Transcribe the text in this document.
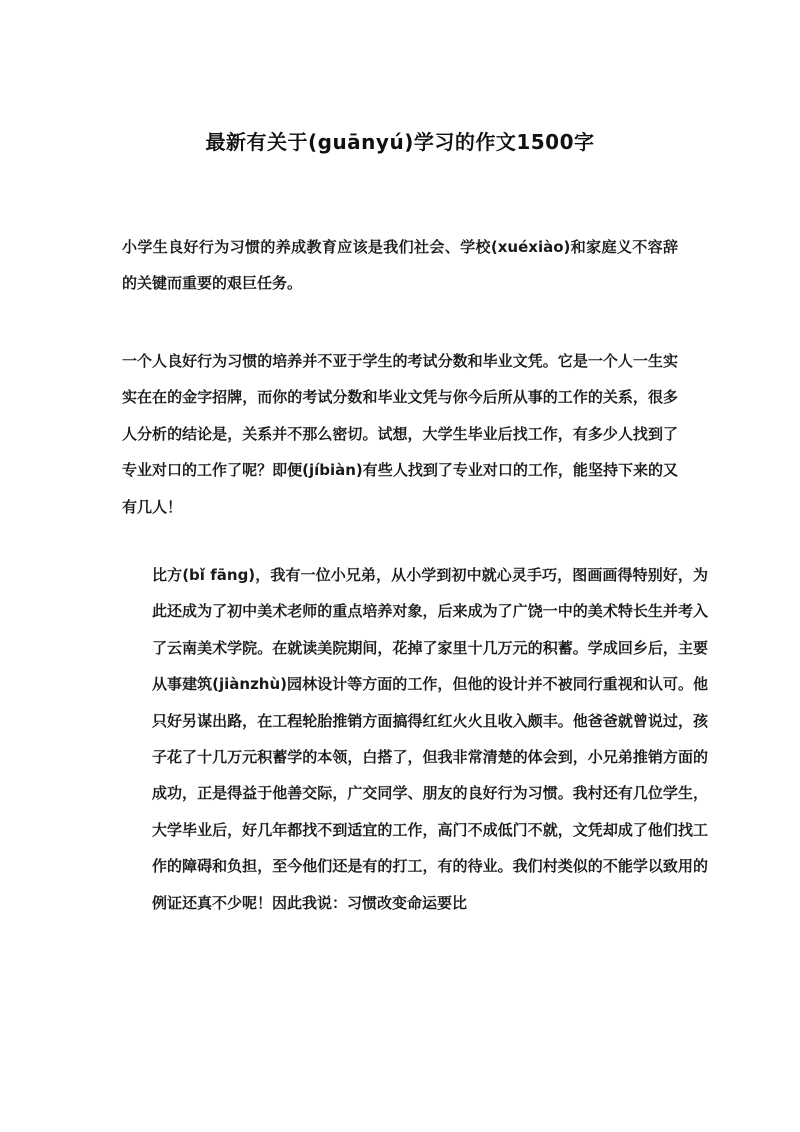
最新有关于(guānyú)学习的作文1500字
小学生良好行为习惯的养成教育应该是我们社会、学校(xuéxiào)和家庭义不容辞的关键而重要的艰巨任务。
一个人良好行为习惯的培养并不亚于学生的考试分数和毕业文凭。它是一个人一生实实在在的金字招牌，而你的考试分数和毕业文凭与你今后所从事的工作的关系，很多人分析的结论是，关系并不那么密切。试想，大学生毕业后找工作，有多少人找到了专业对口的工作了呢？即便(jíbiàn)有些人找到了专业对口的工作，能坚持下来的又有几人！
比方(bǐ fāng)，我有一位小兄弟，从小学到初中就心灵手巧，图画画得特别好，为此还成为了初中美术老师的重点培养对象，后来成为了广饶一中的美术特长生并考入了云南美术学院。在就读美院期间，花掉了家里十几万元的积蓄。学成回乡后，主要从事建筑(jiànzhù)园林设计等方面的工作，但他的设计并不被同行重视和认可。他只好另谋出路，在工程轮胎推销方面搞得红红火火且收入颇丰。他爸爸就曾说过，孩子花了十几万元积蓄学的本领，白搭了，但我非常清楚的体会到，小兄弟推销方面的成功，正是得益于他善交际，广交同学、朋友的良好行为习惯。我村还有几位学生，大学毕业后，好几年都找不到适宜的工作，高门不成低门不就，文凭却成了他们找工作的障碍和负担，至今他们还是有的打工，有的待业。我们村类似的不能学以致用的例证还真不少呢！因此我说：习惯改变命运要比
